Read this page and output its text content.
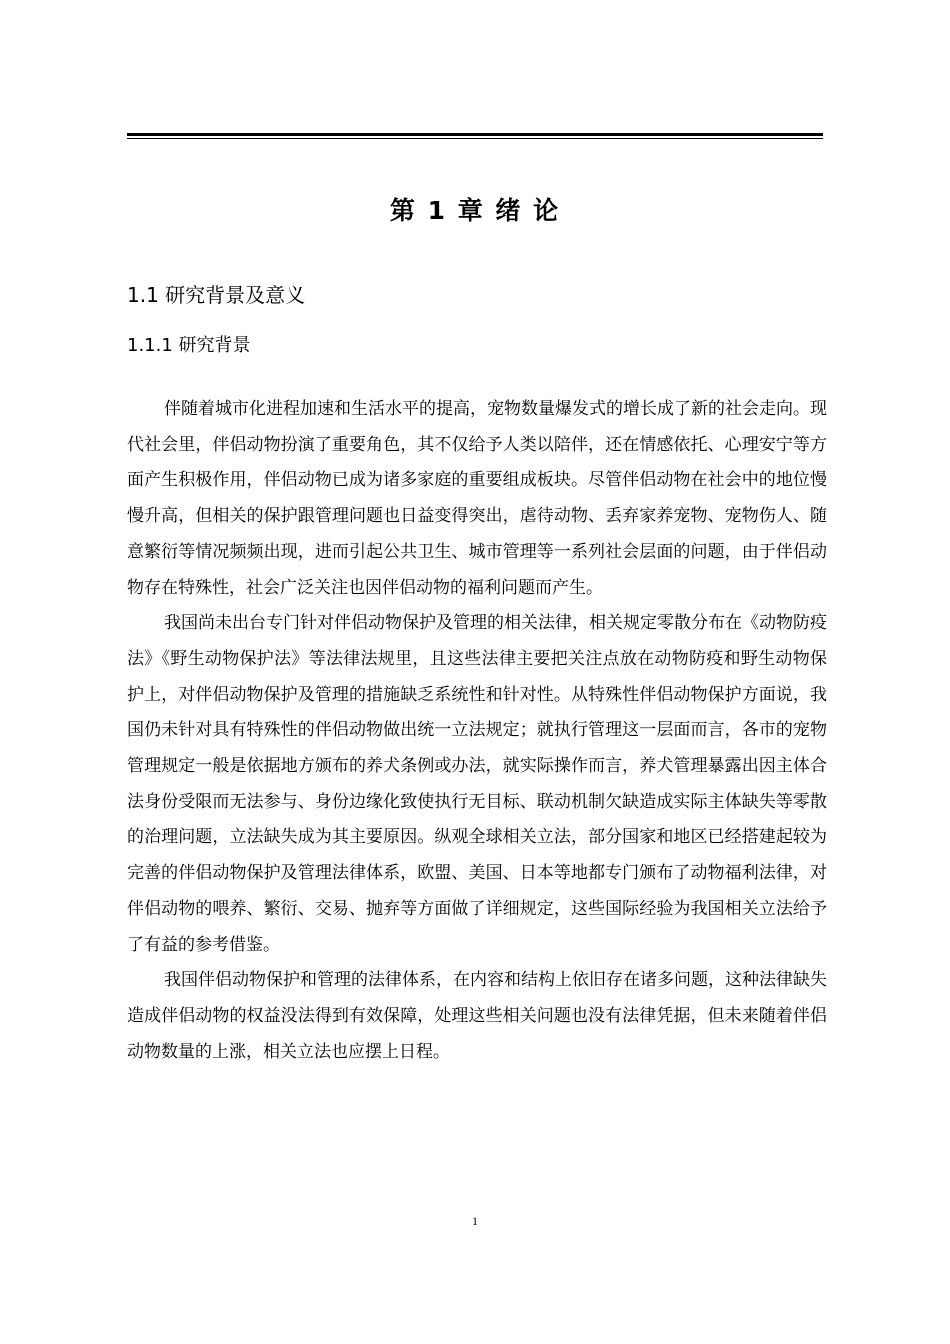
第 1 章 绪 论
1.1 研究背景及意义
1.1.1 研究背景

伴随着城市化进程加速和生活水平的提高，宠物数量爆发式的增长成了新的社会走向。现代社会里，伴侣动物扮演了重要角色，其不仅给予人类以陪伴，还在情感依托、心理安宁等方面产生积极作用，伴侣动物已成为诸多家庭的重要组成板块。尽管伴侣动物在社会中的地位慢慢升高，但相关的保护跟管理问题也日益变得突出，虐待动物、丢弃家养宠物、宠物伤人、随意繁衍等情况频频出现，进而引起公共卫生、城市管理等一系列社会层面的问题，由于伴侣动物存在特殊性，社会广泛关注也因伴侣动物的福利问题而产生。

我国尚未出台专门针对伴侣动物保护及管理的相关法律，相关规定零散分布在《动物防疫法》《野生动物保护法》等法律法规里，且这些法律主要把关注点放在动物防疫和野生动物保护上，对伴侣动物保护及管理的措施缺乏系统性和针对性。从特殊性伴侣动物保护方面说，我国仍未针对具有特殊性的伴侣动物做出统一立法规定；就执行管理这一层面而言，各市的宠物管理规定一般是依据地方颁布的养犬条例或办法，就实际操作而言，养犬管理暴露出因主体合法身份受限而无法参与、身份边缘化致使执行无目标、联动机制欠缺造成实际主体缺失等零散的治理问题，立法缺失成为其主要原因。纵观全球相关立法，部分国家和地区已经搭建起较为完善的伴侣动物保护及管理法律体系，欧盟、美国、日本等地都专门颁布了动物福利法律，对伴侣动物的喂养、繁衍、交易、抛弃等方面做了详细规定，这些国际经验为我国相关立法给予了有益的参考借鉴。

我国伴侣动物保护和管理的法律体系，在内容和结构上依旧存在诸多问题，这种法律缺失造成伴侣动物的权益没法得到有效保障，处理这些相关问题也没有法律凭据，但未来随着伴侣动物数量的上涨，相关立法也应摆上日程。

1
